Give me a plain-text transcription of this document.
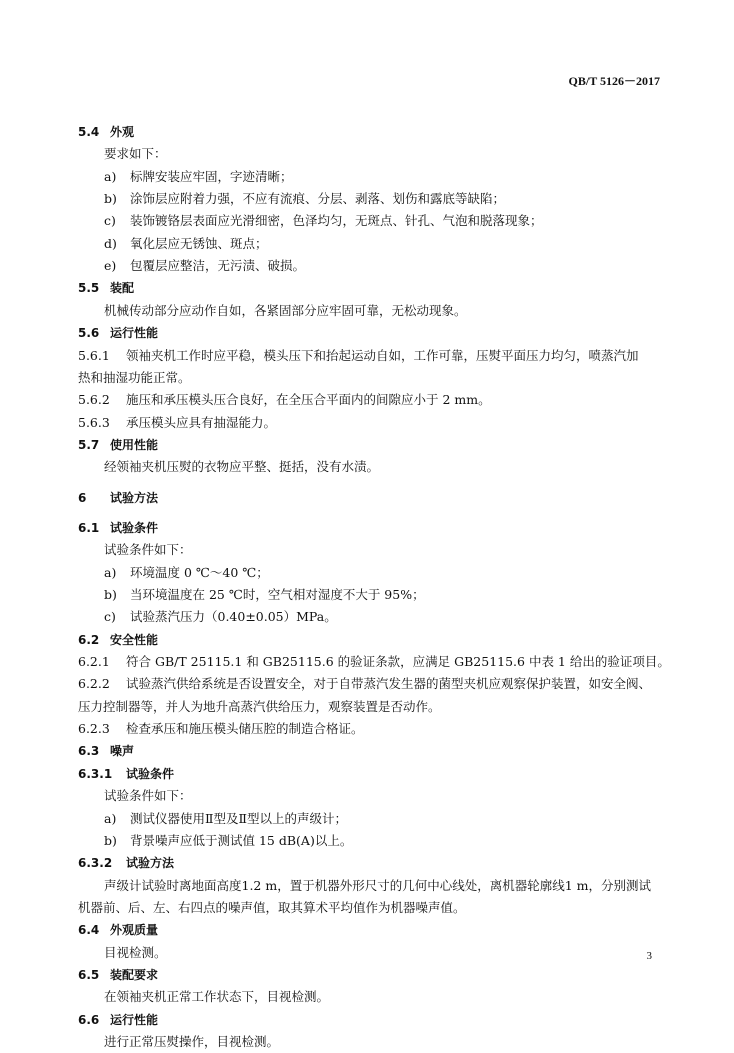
QB/T 5126－2017
5.4 外观
要求如下：
a) 标牌安装应牢固，字迹清晰；
b) 涂饰层应附着力强，不应有流痕、分层、剥落、划伤和露底等缺陷；
c) 装饰镀铬层表面应光滑细密，色泽均匀，无斑点、针孔、气泡和脱落现象；
d) 氧化层应无锈蚀、斑点；
e) 包覆层应整洁，无污渍、破损。
5.5 装配
机械传动部分应动作自如，各紧固部分应牢固可靠，无松动现象。
5.6 运行性能
5.6.1 领袖夹机工作时应平稳，模头压下和抬起运动自如，工作可靠，压熨平面压力均匀，喷蒸汽加
热和抽湿功能正常。
5.6.2 施压和承压模头压合良好，在全压合平面内的间隙应小于 2 mm。
5.6.3 承压模头应具有抽湿能力。
5.7 使用性能
经领袖夹机压熨的衣物应平整、挺括，没有水渍。
6 试验方法
6.1 试验条件
试验条件如下：
a) 环境温度 0 ℃～40 ℃；
b) 当环境温度在 25 ℃时，空气相对湿度不大于 95%；
c) 试验蒸汽压力（0.40±0.05）MPa。
6.2 安全性能
6.2.1 符合 GB/T 25115.1 和 GB25115.6 的验证条款，应满足 GB25115.6 中表 1 给出的验证项目。
6.2.2 试验蒸汽供给系统是否设置安全，对于自带蒸汽发生器的菌型夹机应观察保护装置，如安全阀、
压力控制器等，并人为地升高蒸汽供给压力，观察装置是否动作。
6.2.3 检查承压和施压模头储压腔的制造合格证。
6.3 噪声
6.3.1 试验条件
试验条件如下：
a) 测试仪器使用Ⅱ型及Ⅱ型以上的声级计；
b) 背景噪声应低于测试值 15 dB(A)以上。
6.3.2 试验方法
声级计试验时离地面高度1.2 m，置于机器外形尺寸的几何中心线处，离机器轮廓线1 m，分别测试
机器前、后、左、右四点的噪声值，取其算术平均值作为机器噪声值。
6.4 外观质量
目视检测。
6.5 装配要求
在领袖夹机正常工作状态下，目视检测。
6.6 运行性能
进行正常压熨操作，目视检测。
3
